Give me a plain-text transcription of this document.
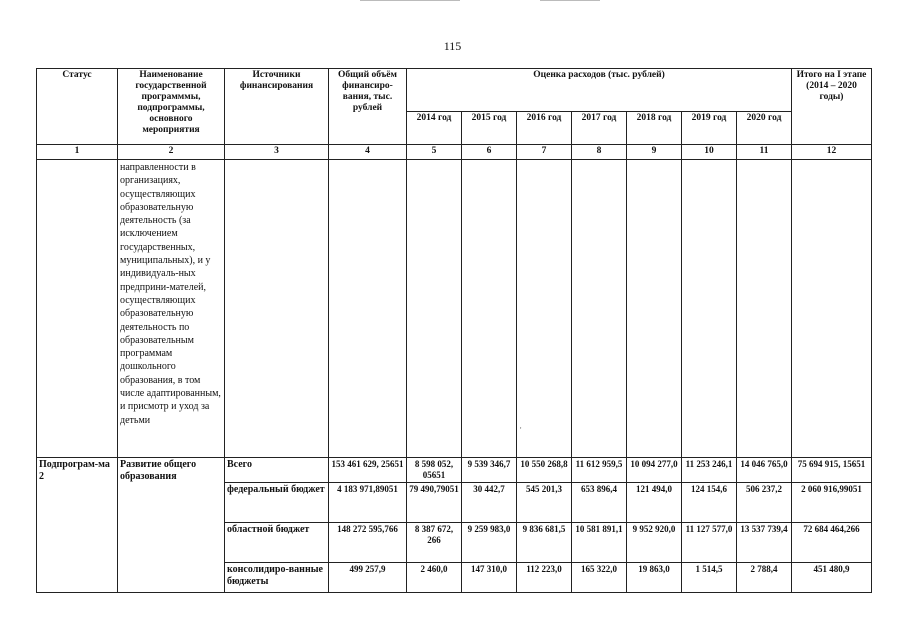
115
Статус	Наименование государственной программмы, подпрограммы, основного мероприятия	Источники финансирования	Общий объём финансиро-вания, тыс. рублей	Оценка расходов (тыс. рублей)							Итого на I этапе (2014 – 2020 годы)
				2014 год	2015 год	2016 год	2017 год	2018 год	2019 год	2020 год	
1	2	3	4	5	6	7	8	9	10	11	12
	направленности в организациях, осуществляющих образовательную деятельность (за исключением государственных, муниципальных), и у индивидуаль-ных предприни-мателей, осуществляющих образовательную деятельность по образовательным программам дошкольного образования, в том числе адаптированным, и присмотр и уход за детьми					·					
Подпрограм-ма 2	Развитие общего образования	Всего	153 461 629, 25651	8 598 052, 05651	9 539 346,7	10 550 268,8	11 612 959,5	10 094 277,0	11 253 246,1	14 046 765,0	75 694 915, 15651
		федеральный бюджет	4 183 971,89051	79 490,79051	30 442,7	545 201,3	653 896,4	121 494,0	124 154,6	506 237,2	2 060 916,99051
		областной бюджет	148 272 595,766	8 387 672, 266	9 259 983,0	9 836 681,5	10 581 891,1	9 952 920,0	11 127 577,0	13 537 739,4	72 684 464,266
		консолидиро-ванные бюджеты	499 257,9	2 460,0	147 310,0	112 223,0	165 322,0	19 863,0	1 514,5	2 788,4	451 480,9
